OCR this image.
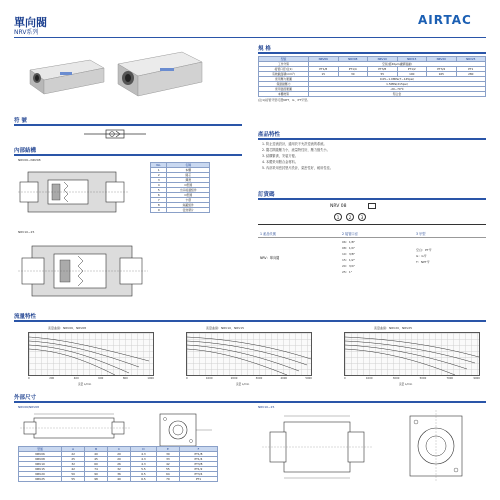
單向閥
NRV系列
AIRTAC
規 格
型號	NRV06	NRV08	NRV10	NRV15	NRV20	NRV25
工作介質	空氣(經40μm濾網過濾)					
接管口徑(注1)	PT1/8	PT1/4	PT3/8	PT1/2	PT3/4	PT1
有效截面積(mm²)	15	30	55	100	165	280
使用壓力範圍	0.05~1.0MPa(7~145psi)					
保證耐壓力	1.5MPa(215psi)					
使用溫度範圍	-20~70℃					
本體材質	鋁合金					
(注1)接管牙型可選NPT、G、PT牙型。
符 號
內部結構
NRV06~NRV08
No.	名稱
1	本體
2	閥芯
3	彈簧
4	O型圈
5	出口接頭組件
6	O型圈
7	卡環
8	端蓋組件
9	密封墊片
NRV10~25
產品特性
1. 防止逆流設計，適用於不允許逆流的系統。
2. 閥芯開啟壓力小，流量特性好，壓力損失小。
3. 結構緊湊，安裝方便。
4. 本體采用鋁合金材料。
5. 內部采用密封墊片設計，氣密性好，耐用性佳。
訂貨碼
NRV 08
1	2	3
1 產品代號	2 接管口徑	3 牙型
NRV：單向閥
06：1/8"
08：1/4"
10：3/8"
15：1/2"
20：3/4"
25：1"
空白：PT牙
G：G牙
T：NPT牙
流量特性
流量曲線：NRV06、NRV08
0	200	400	600	800	1000
流量 L/min
流量曲線：NRV10、NRV15
0	1000	2000	3000	4000	5000
流量 L/min
流量曲線：NRV20、NRV25
0	1000	3000	5000	7000	9000
流量 L/min
外部尺寸
NRV06/NRV08	NRV10~25
型號	A	B	C	D	E	F
NRV06	22	40	20	4.3	30	PT1/8
NRV08	25	45	20	4.3	33	PT1/4
NRV10	32	60	26	4.3	42	PT3/8
NRV15	42	74	32	5.5	55	PT1/2
NRV20	50	90	36	6.5	64	PT3/4
NRV25	55	98	40	6.5	70	PT1
